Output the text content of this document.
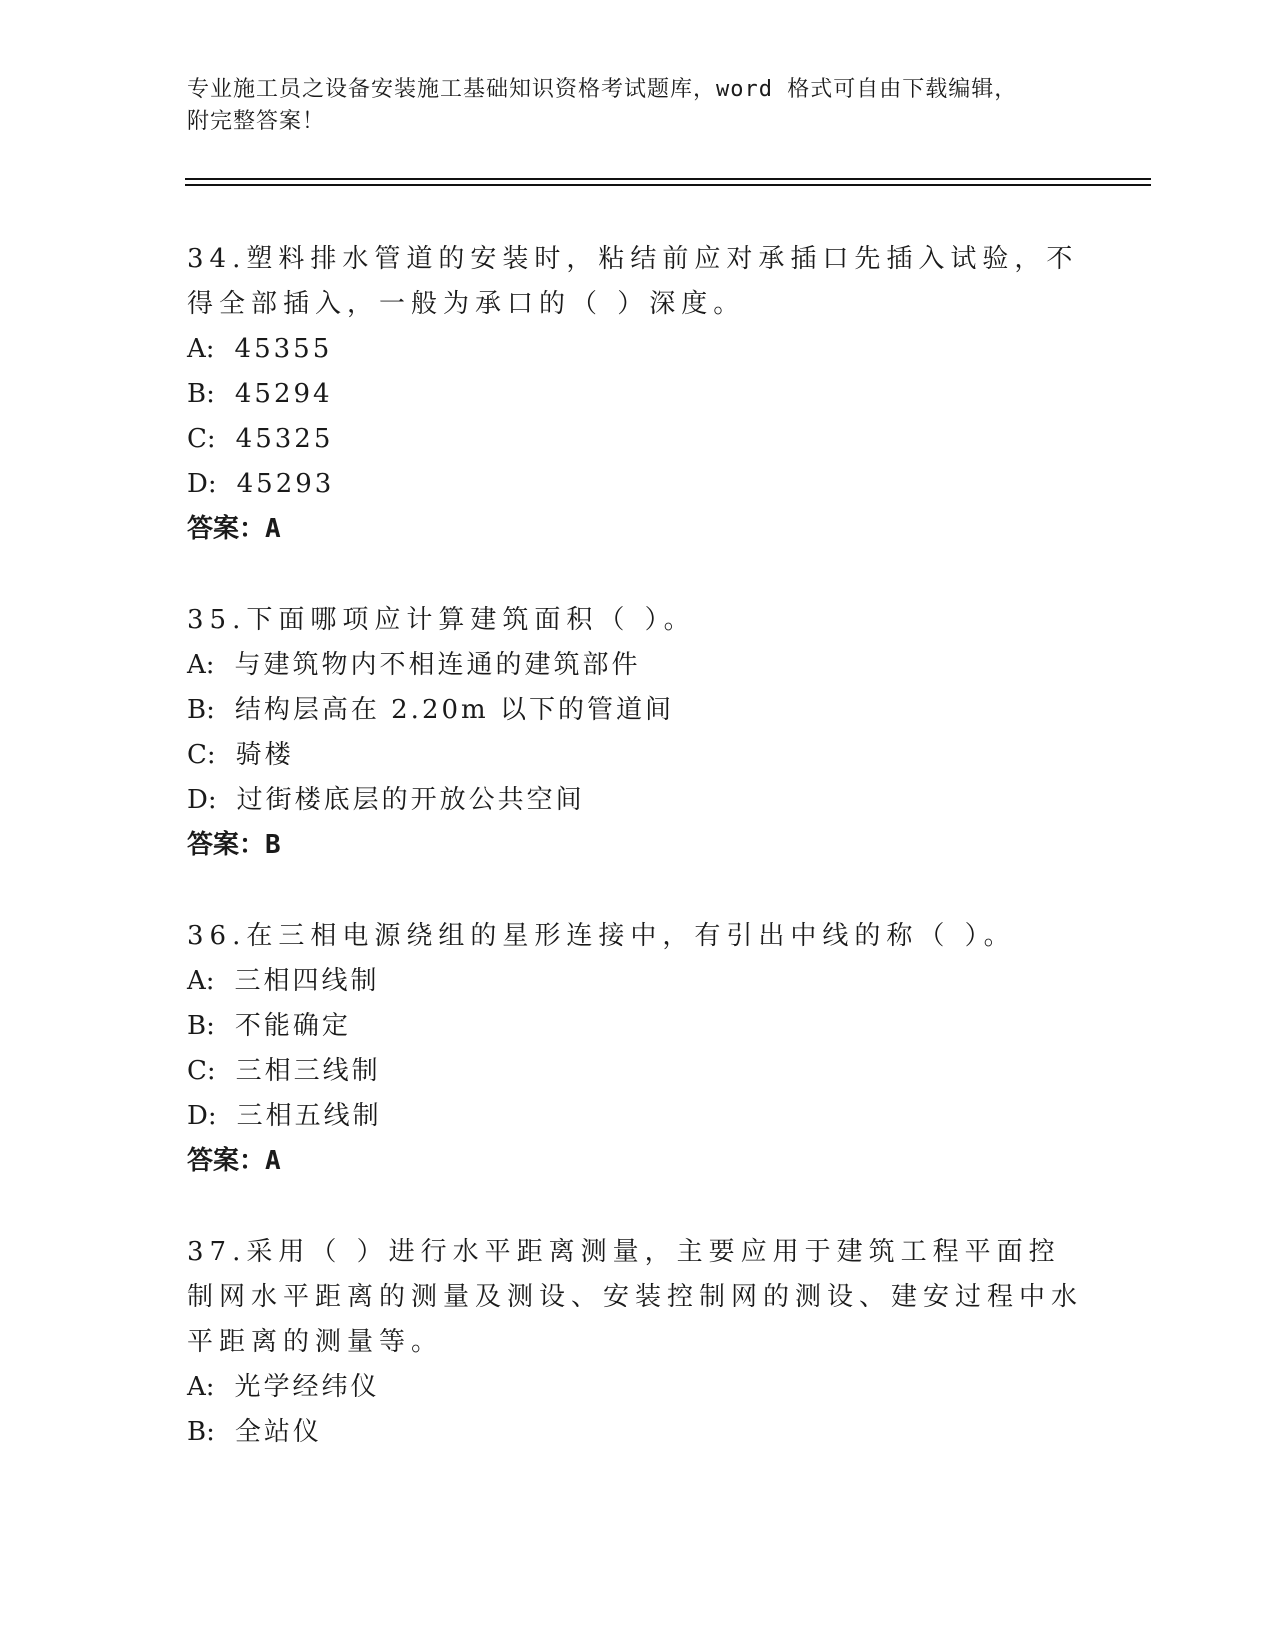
专业施工员之设备安装施工基础知识资格考试题库，word 格式可自由下载编辑，
附完整答案！
34.塑料排水管道的安装时，粘结前应对承插口先插入试验，不得全部插入，一般为承口的（ ）深度。
A: 45355
B: 45294
C: 45325
D: 45293
答案：A
35.下面哪项应计算建筑面积（ ）。
A: 与建筑物内不相连通的建筑部件
B: 结构层高在 2.20m 以下的管道间
C: 骑楼
D: 过街楼底层的开放公共空间
答案：B
36.在三相电源绕组的星形连接中，有引出中线的称（ ）。
A: 三相四线制
B: 不能确定
C: 三相三线制
D: 三相五线制
答案：A
37.采用（ ）进行水平距离测量，主要应用于建筑工程平面控制网水平距离的测量及测设、安装控制网的测设、建安过程中水平距离的测量等。
A: 光学经纬仪
B: 全站仪
